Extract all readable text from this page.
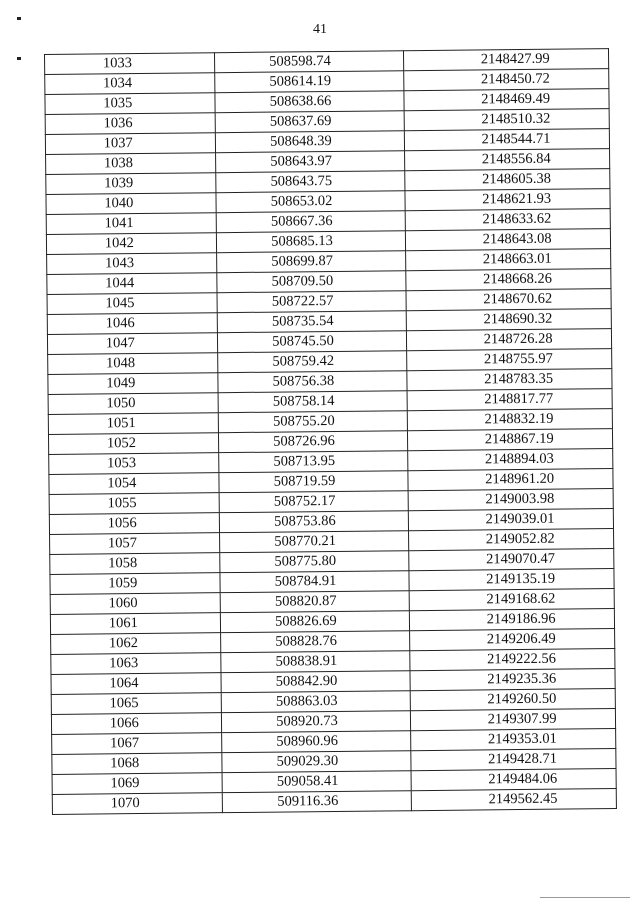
41
1033	508598.74	2148427.99
1034	508614.19	2148450.72
1035	508638.66	2148469.49
1036	508637.69	2148510.32
1037	508648.39	2148544.71
1038	508643.97	2148556.84
1039	508643.75	2148605.38
1040	508653.02	2148621.93
1041	508667.36	2148633.62
1042	508685.13	2148643.08
1043	508699.87	2148663.01
1044	508709.50	2148668.26
1045	508722.57	2148670.62
1046	508735.54	2148690.32
1047	508745.50	2148726.28
1048	508759.42	2148755.97
1049	508756.38	2148783.35
1050	508758.14	2148817.77
1051	508755.20	2148832.19
1052	508726.96	2148867.19
1053	508713.95	2148894.03
1054	508719.59	2148961.20
1055	508752.17	2149003.98
1056	508753.86	2149039.01
1057	508770.21	2149052.82
1058	508775.80	2149070.47
1059	508784.91	2149135.19
1060	508820.87	2149168.62
1061	508826.69	2149186.96
1062	508828.76	2149206.49
1063	508838.91	2149222.56
1064	508842.90	2149235.36
1065	508863.03	2149260.50
1066	508920.73	2149307.99
1067	508960.96	2149353.01
1068	509029.30	2149428.71
1069	509058.41	2149484.06
1070	509116.36	2149562.45
